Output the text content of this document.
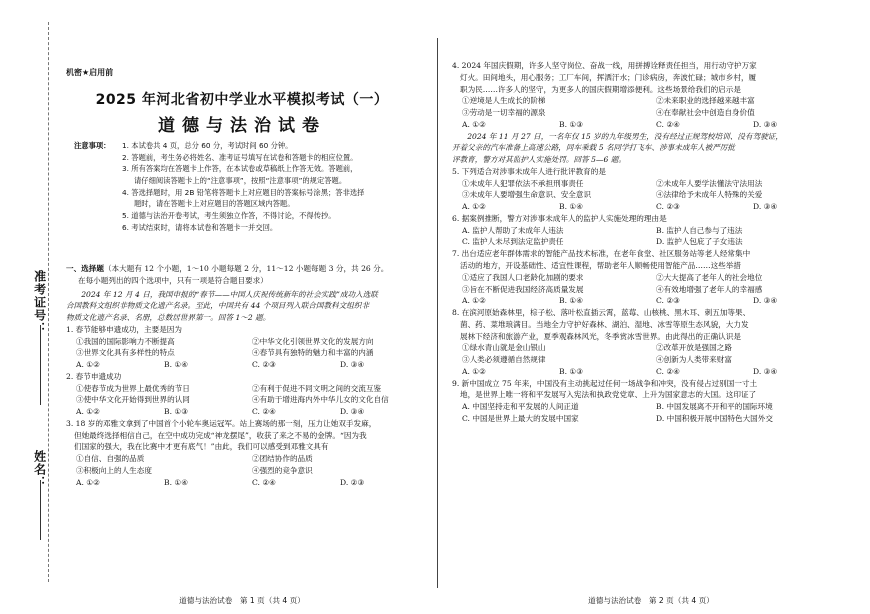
准考证号：
姓名：
机密★启用前
2025 年河北省初中学业水平模拟考试（一）
道德与法治试卷
注意事项：	1. 本试卷共 4 页，总分 60 分，考试时间 60 分钟。
2. 答题前，考生务必将姓名、准考证号填写在试卷和答题卡的相应位置。
3. 所有答案均在答题卡上作答，在本试卷或草稿纸上作答无效。答题前，
请仔细阅读答题卡上的“注意事项”，按照“注意事项”的规定答题。
4. 答选择题时，用 2B 铅笔将答题卡上对应题目的答案标号涂黑；答非选择
题时，请在答题卡上对应题目的答题区域内答题。
5. 道德与法治开卷考试，考生须独立作答，不得讨论，不得传抄。
6. 考试结束时，请将本试卷和答题卡一并交回。
一、选择题（本大题有 12 个小题，1～10 小题每题 2 分，11～12 小题每题 3 分，共 26 分。
在每小题列出的四个选项中，只有一项是符合题目要求）

2024 年 12 月 4 日，我国申报的“春节——中国人庆祝传统新年的社会实践”成功入选联

合国教科文组织非物质文化遗产名录。至此，中国共有 44 个项目列入联合国教科文组织非

物质文化遗产名录、名册，总数居世界第一。回答 1～2 题。

1. 春节能够申遗成功，主要是因为

①我国的国际影响力不断提高	②中华文化引领世界文化的发展方向
③世界文化具有多样性的特点	④春节具有独特的魅力和丰富的内涵
A. ①②	B. ①④	C. ②③	D. ③④

2. 春节申遗成功

①使春节成为世界上最优秀的节日	②有利于促进不同文明之间的交流互鉴
③使中华文化开始得到世界的认同	④有助于增进海内外中华儿女的文化自信
A. ①②	B. ①③	C. ②④	D. ③④

3. 18 岁的邓雅文拿到了中国首个小轮车奥运冠军。站上赛场的那一刻，压力让她双手发麻，

但她最终选择相信自己，在空中成功完成“神龙摆尾”，收获了来之不易的金牌。“因为我

们国家的强大，我在比赛中才更有底气！”由此，我们可以感受到邓雅文具有

①自信、自强的品质	②团结协作的品质
③积极向上的人生态度	④强烈的竞争意识
A. ①②	B. ①④	C. ②④	D. ②③
道德与法治试卷　第 1 页（共 4 页）

4. 2024 年国庆假期，许多人坚守岗位、奋战一线，用拼搏诠释责任担当，用行动守护万家

灯火。田间地头，用心服务；工厂车间，挥洒汗水；门诊病房，奔波忙碌；城市乡村，履

职为民……许多人的坚守，为更多人的国庆假期增添便利。这些场景给我们的启示是

①逆境是人生成长的阶梯	②未来职业的选择越来越丰富
③劳动是一切幸福的源泉	④在奉献社会中创造自身价值
A. ①②	B. ①③	C. ②④	D. ③④

2024 年 11 月 27 日，一名年仅 15 岁的九年级男生，没有经过正规驾校培训、没有驾驶证，

开着父亲的汽车准备上高速公路，同车乘载 5 名同学打飞车、涉事未成年人被严厉批

评教育，警方对其监护人实施处罚。回答 5—6 题。

5. 下列适合对涉事未成年人进行批评教育的是

①未成年人犯罪依法不承担刑事责任	②未成年人要学法懂法守法用法
③未成年人要增强生命意识、安全意识	④法律给予未成年人特殊的关爱
A. ①②	B. ①④	C. ②③	D. ③④

6. 据案例推断，警方对涉事未成年人的监护人实施处理的理由是

A. 监护人帮助了未成年人违法	B. 监护人自己参与了违法
C. 监护人未尽到法定监护责任	D. 监护人包庇了子女违法

7. 出台适应老年群体需求的智能产品技术标准，在老年食堂、社区服务站等老人经常集中

活动的地方，开设基础性、适宜性课程，帮助老年人顺畅使用智能产品……这些举措

①适应了我国人口老龄化加剧的要求	②大大提高了老年人的社会地位
③旨在不断促进我国经济高质量发展	④有效地增强了老年人的幸福感
A. ①②	B. ①④	C. ②③	D. ③④

8. 在滨河原始森林里，棕子松、落叶松直插云霄，蓝莓、山核桃、黑木耳、刺五加等果、

菌、药、菜堆琅满目。当地全力守护好森林、湖泊、湿地、冰雪等原生态风貌，大力发

展林下经济和旅游产业，夏季观森林风光，冬季赏冰雪世界。由此得出的正确认识是

①绿水青山就是金山银山	②改革开放是强国之路
③人类必须遵循自然规律	④创新为人类带来财富
A. ①②	B. ①③	C. ②④	D. ③④

9. 新中国成立 75 年来，中国没有主动挑起过任何一场战争和冲突，没有侵占过别国一寸土

地，是世界上唯一将和平发展写入宪法和执政党党章、上升为国家意志的大国。这印证了

A. 中国坚持走和平发展的人间正道	B. 中国发展离不开和平的国际环境
C. 中国是世界上最大的发展中国家	D. 中国积极开展中国特色大国外交
道德与法治试卷　第 2 页（共 4 页）
